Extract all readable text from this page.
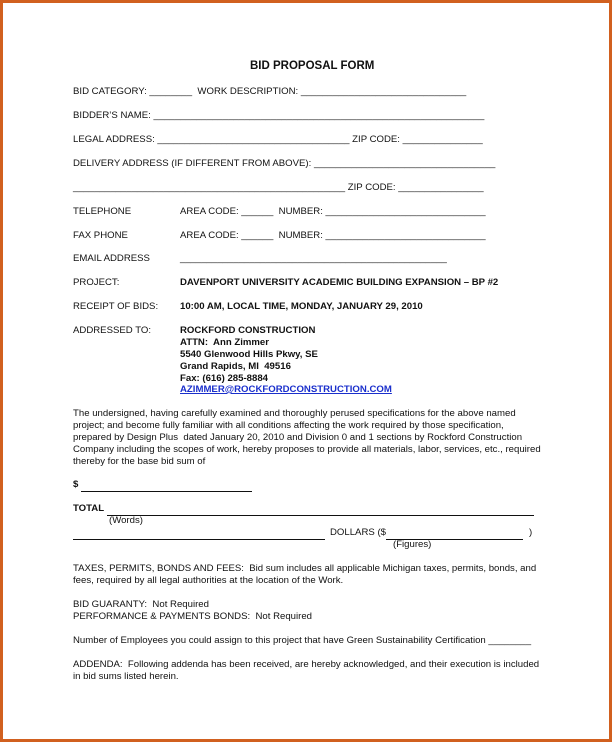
BID PROPOSAL FORM
BID CATEGORY: ________  WORK DESCRIPTION: _______________________________
BIDDER’S NAME: ______________________________________________________________
LEGAL ADDRESS: ____________________________________ ZIP CODE: _______________
DELIVERY ADDRESS (IF DIFFERENT FROM ABOVE): __________________________________
___________________________________________________ ZIP CODE: ________________
TELEPHONE	AREA CODE: ______  NUMBER: ______________________________
FAX PHONE	AREA CODE: ______  NUMBER: ______________________________
EMAIL ADDRESS	__________________________________________________
PROJECT:	DAVENPORT UNIVERSITY ACADEMIC BUILDING EXPANSION – BP #2
RECEIPT OF BIDS: 10:00 AM, LOCAL TIME, MONDAY, JANUARY 29, 2010
ADDRESSED TO:	ROCKFORD CONSTRUCTION
ATTN:  Ann Zimmer
5540 Glenwood Hills Pkwy, SE
Grand Rapids, MI  49516
Fax: (616) 285-8884
AZIMMER@ROCKFORDCONSTRUCTION.COM
The undersigned, having carefully examined and thoroughly perused specifications for the above named
project; and become fully familiar with all conditions affecting the work required by those specification,
prepared by Design Plus  dated January 20, 2010 and Division 0 and 1 sections by Rockford Construction
Company including the scopes of work, hereby proposes to provide all materials, labor, services, etc., required
thereby for the base bid sum of
$
TOTAL
(Words)
DOLLARS ($	)
(Figures)
TAXES, PERMITS, BONDS AND FEES:  Bid sum includes all applicable Michigan taxes, permits, bonds, and
fees, required by all legal authorities at the location of the Work.
BID GUARANTY:  Not Required
PERFORMANCE & PAYMENTS BONDS:  Not Required
Number of Employees you could assign to this project that have Green Sustainability Certification ________
ADDENDA:  Following addenda has been received, are hereby acknowledged, and their execution is included
in bid sums listed herein.
